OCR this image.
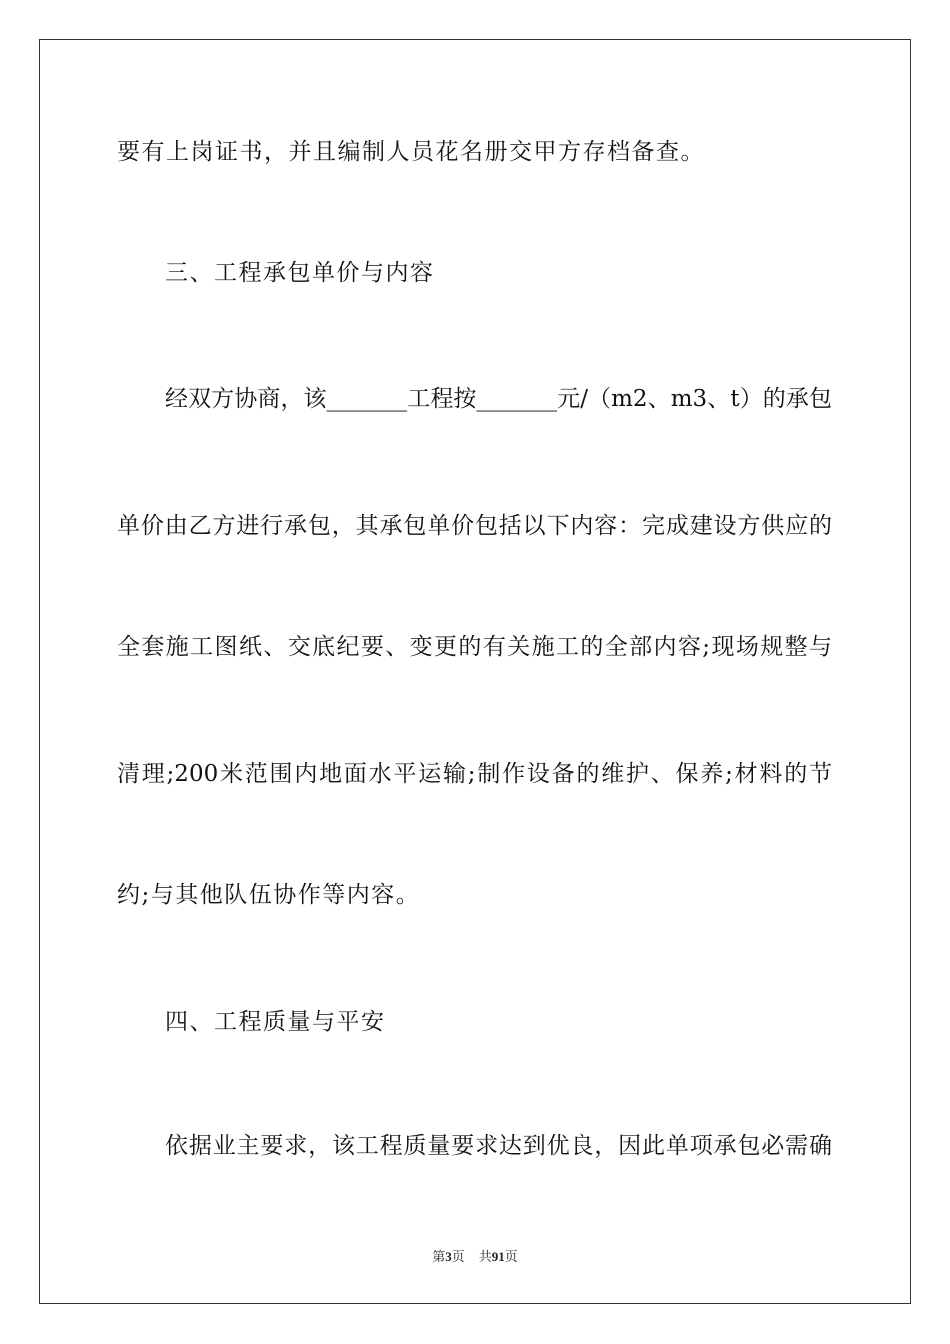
要有上岗证书，并且编制人员花名册交甲方存档备查。
三、工程承包单价与内容
经双方协商，该_______工程按_______元/（m2、m3、t）的承包
单价由乙方进行承包，其承包单价包括以下内容：完成建设方供应的
全套施工图纸、交底纪要、变更的有关施工的全部内容;现场规整与
清理;200米范围内地面水平运输;制作设备的维护、保养;材料的节
约;与其他队伍协作等内容。
四、工程质量与平安
依据业主要求，该工程质量要求达到优良，因此单项承包必需确
第3页 共91页
